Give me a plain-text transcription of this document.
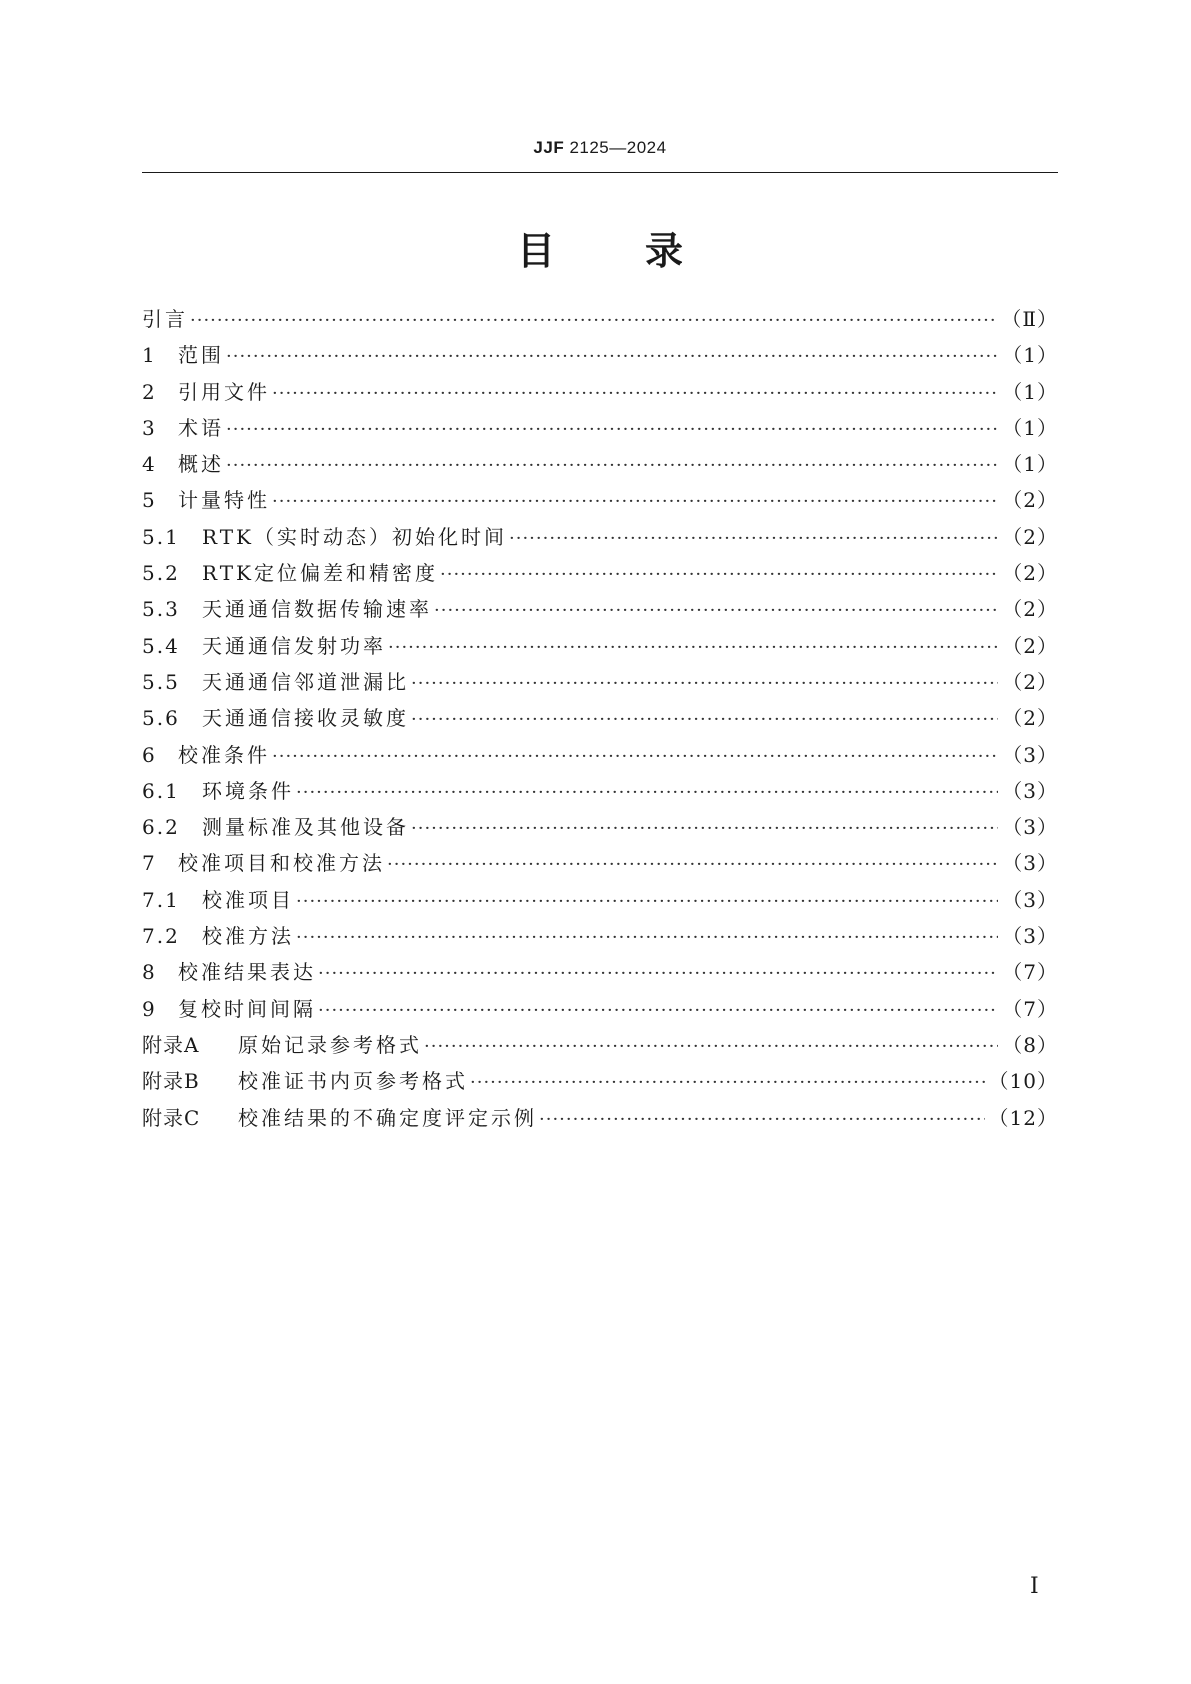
JJF 2125—2024
目录
引言 ·····	（Ⅱ）
1	范围 ·····	（1）
2	引用文件 ·····	（1）
3	术语 ·····	（1）
4	概述 ·····	（1）
5	计量特性 ·····	（2）
5.1	RTK（实时动态）初始化时间 ·····	（2）
5.2	RTK定位偏差和精密度 ·····	（2）
5.3	天通通信数据传输速率 ·····	（2）
5.4	天通通信发射功率 ·····	（2）
5.5	天通通信邻道泄漏比 ·····	（2）
5.6	天通通信接收灵敏度 ·····	（2）
6	校准条件 ·····	（3）
6.1	环境条件 ·····	（3）
6.2	测量标准及其他设备 ·····	（3）
7	校准项目和校准方法 ·····	（3）
7.1	校准项目 ·····	（3）
7.2	校准方法 ·····	（3）
8	校准结果表达 ·····	（7）
9	复校时间间隔 ·····	（7）
附录A	原始记录参考格式 ·····	（8）
附录B	校准证书内页参考格式 ·····	（10）
附录C	校准结果的不确定度评定示例 ·····	（12）
Ⅰ
